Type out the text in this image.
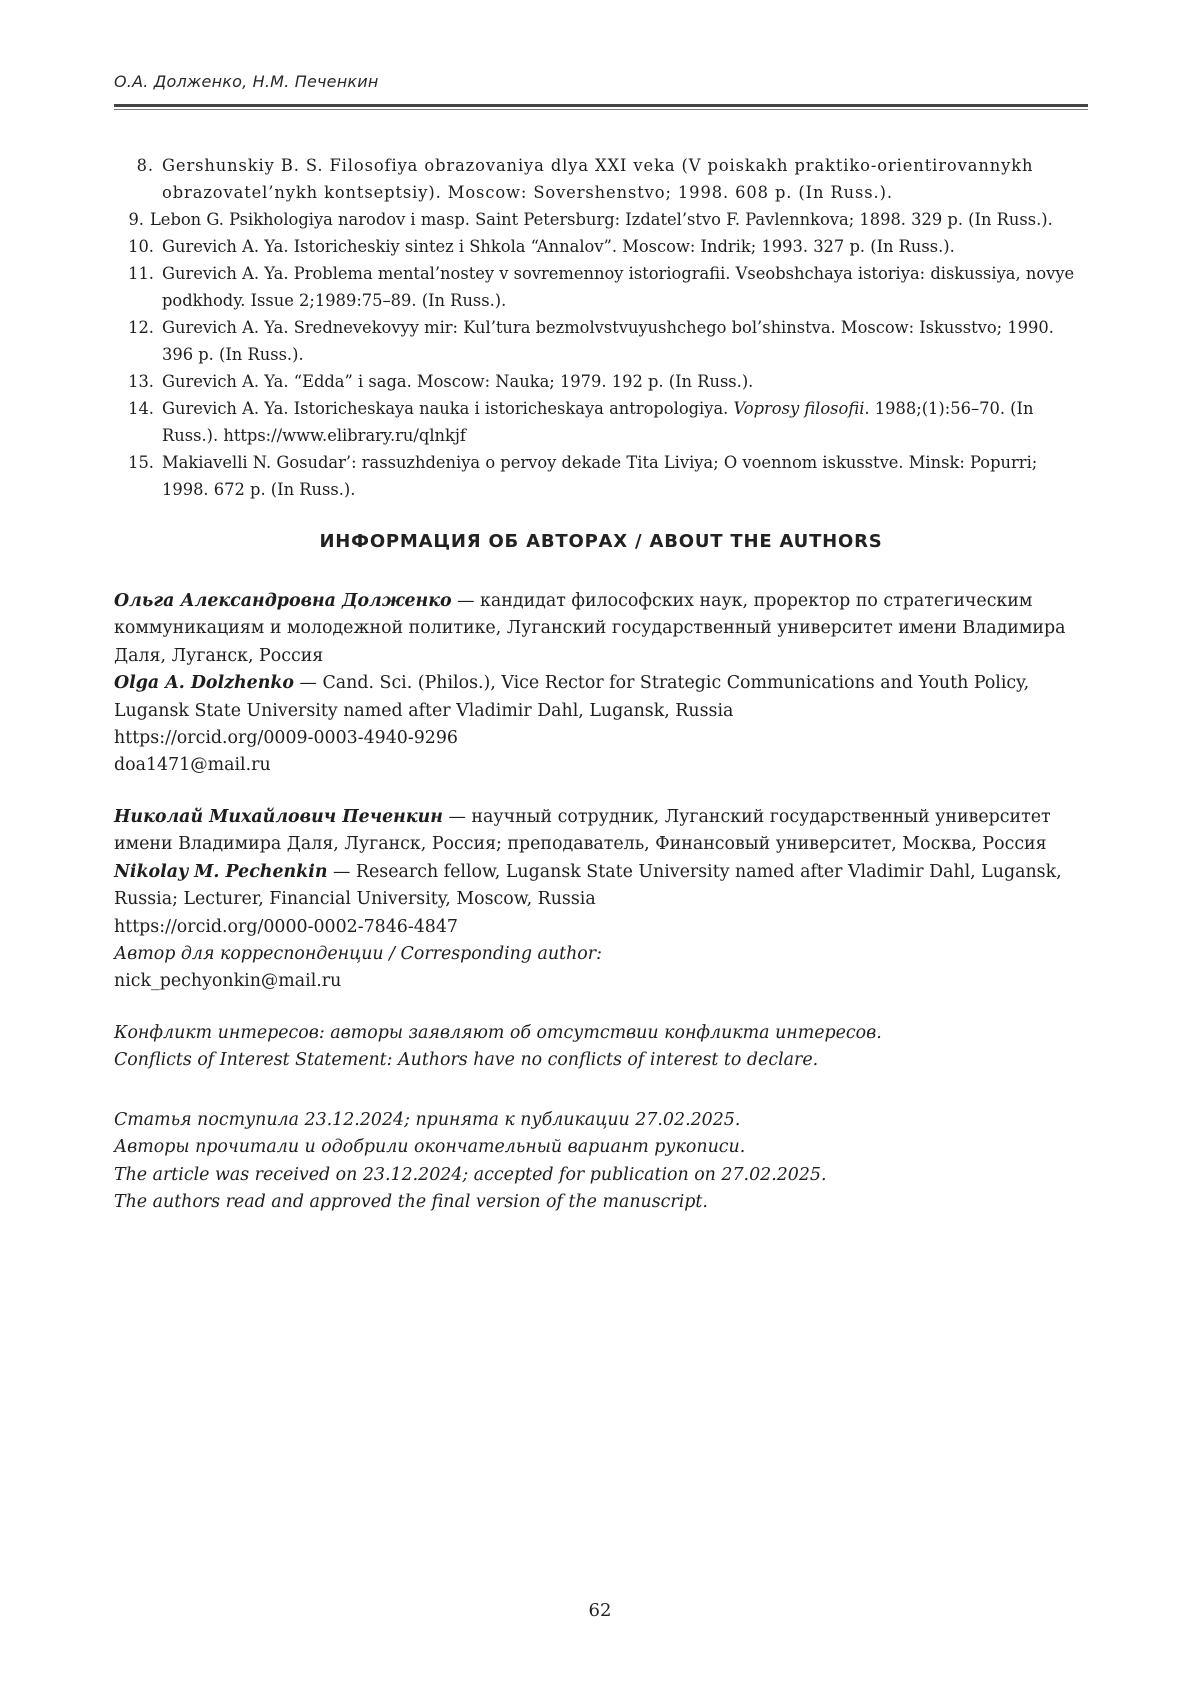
О.А. Долженко, Н.М. Печенкин
8. Gershunskiy B. S. Filosofiya obrazovaniya dlya XXI veka (V poiskakh praktiko-orientirovannykh obrazovatel’nykh kontseptsiy). Moscow: Sovershenstvo; 1998. 608 p. (In Russ.).
9. Lebon G. Psikhologiya narodov i masp. Saint Petersburg: Izdatel’stvo F. Pavlennkova; 1898. 329 p. (In Russ.).
10. Gurevich A. Ya. Istoricheskiy sintez i Shkola “Annalov”. Moscow: Indrik; 1993. 327 p. (In Russ.).
11. Gurevich A. Ya. Problema mental’nostey v sovremennoy istoriografii. Vseobshchaya istoriya: diskussiya, novye podkhody. Issue 2;1989:75–89. (In Russ.).
12. Gurevich A. Ya. Srednevekovyy mir: Kul’tura bezmolvstvuyushchego bol’shinstva. Moscow: Iskusstvo; 1990. 396 p. (In Russ.).
13. Gurevich A. Ya. “Edda” i saga. Moscow: Nauka; 1979. 192 p. (In Russ.).
14. Gurevich A. Ya. Istoricheskaya nauka i istoricheskaya antropologiya. Voprosy filosofii. 1988;(1):56–70. (In Russ.). https://www.elibrary.ru/qlnkjf
15. Makiavelli N. Gosudar’: rassuzhdeniya o pervoy dekade Tita Liviya; O voennom iskusstve. Minsk: Popurri; 1998. 672 p. (In Russ.).
ИНФОРМАЦИЯ ОБ АВТОРАХ / ABOUT THE AUTHORS

Ольга Александровна Долженко — кандидат философских наук, проректор по стратегическим коммуникациям и молодежной политике, Луганский государственный университет имени Владимира Даля, Луганск, Россия

Olga A. Dolzhenko — Cand. Sci. (Philos.), Vice Rector for Strategic Communications and Youth Policy, Lugansk State University named after Vladimir Dahl, Lugansk, Russia

https://orcid.org/0009-0003-4940-9296

doa1471@mail.ru

Николай Михайлович Печенкин — научный сотрудник, Луганский государственный университет имени Владимира Даля, Луганск, Россия; преподаватель, Финансовый университет, Москва, Россия

Nikolay M. Pechenkin — Research fellow, Lugansk State University named after Vladimir Dahl, Lugansk, Russia; Lecturer, Financial University, Moscow, Russia

https://orcid.org/0000-0002-7846-4847

Автор для корреспонденции / Corresponding author:

nick_pechyonkin@mail.ru

Конфликт интересов: авторы заявляют об отсутствии конфликта интересов.

Conflicts of Interest Statement: Authors have no conflicts of interest to declare.

Статья поступила 23.12.2024; принята к публикации 27.02.2025.

Авторы прочитали и одобрили окончательный вариант рукописи.

The article was received on 23.12.2024; accepted for publication on 27.02.2025.

The authors read and approved the final version of the manuscript.

62
